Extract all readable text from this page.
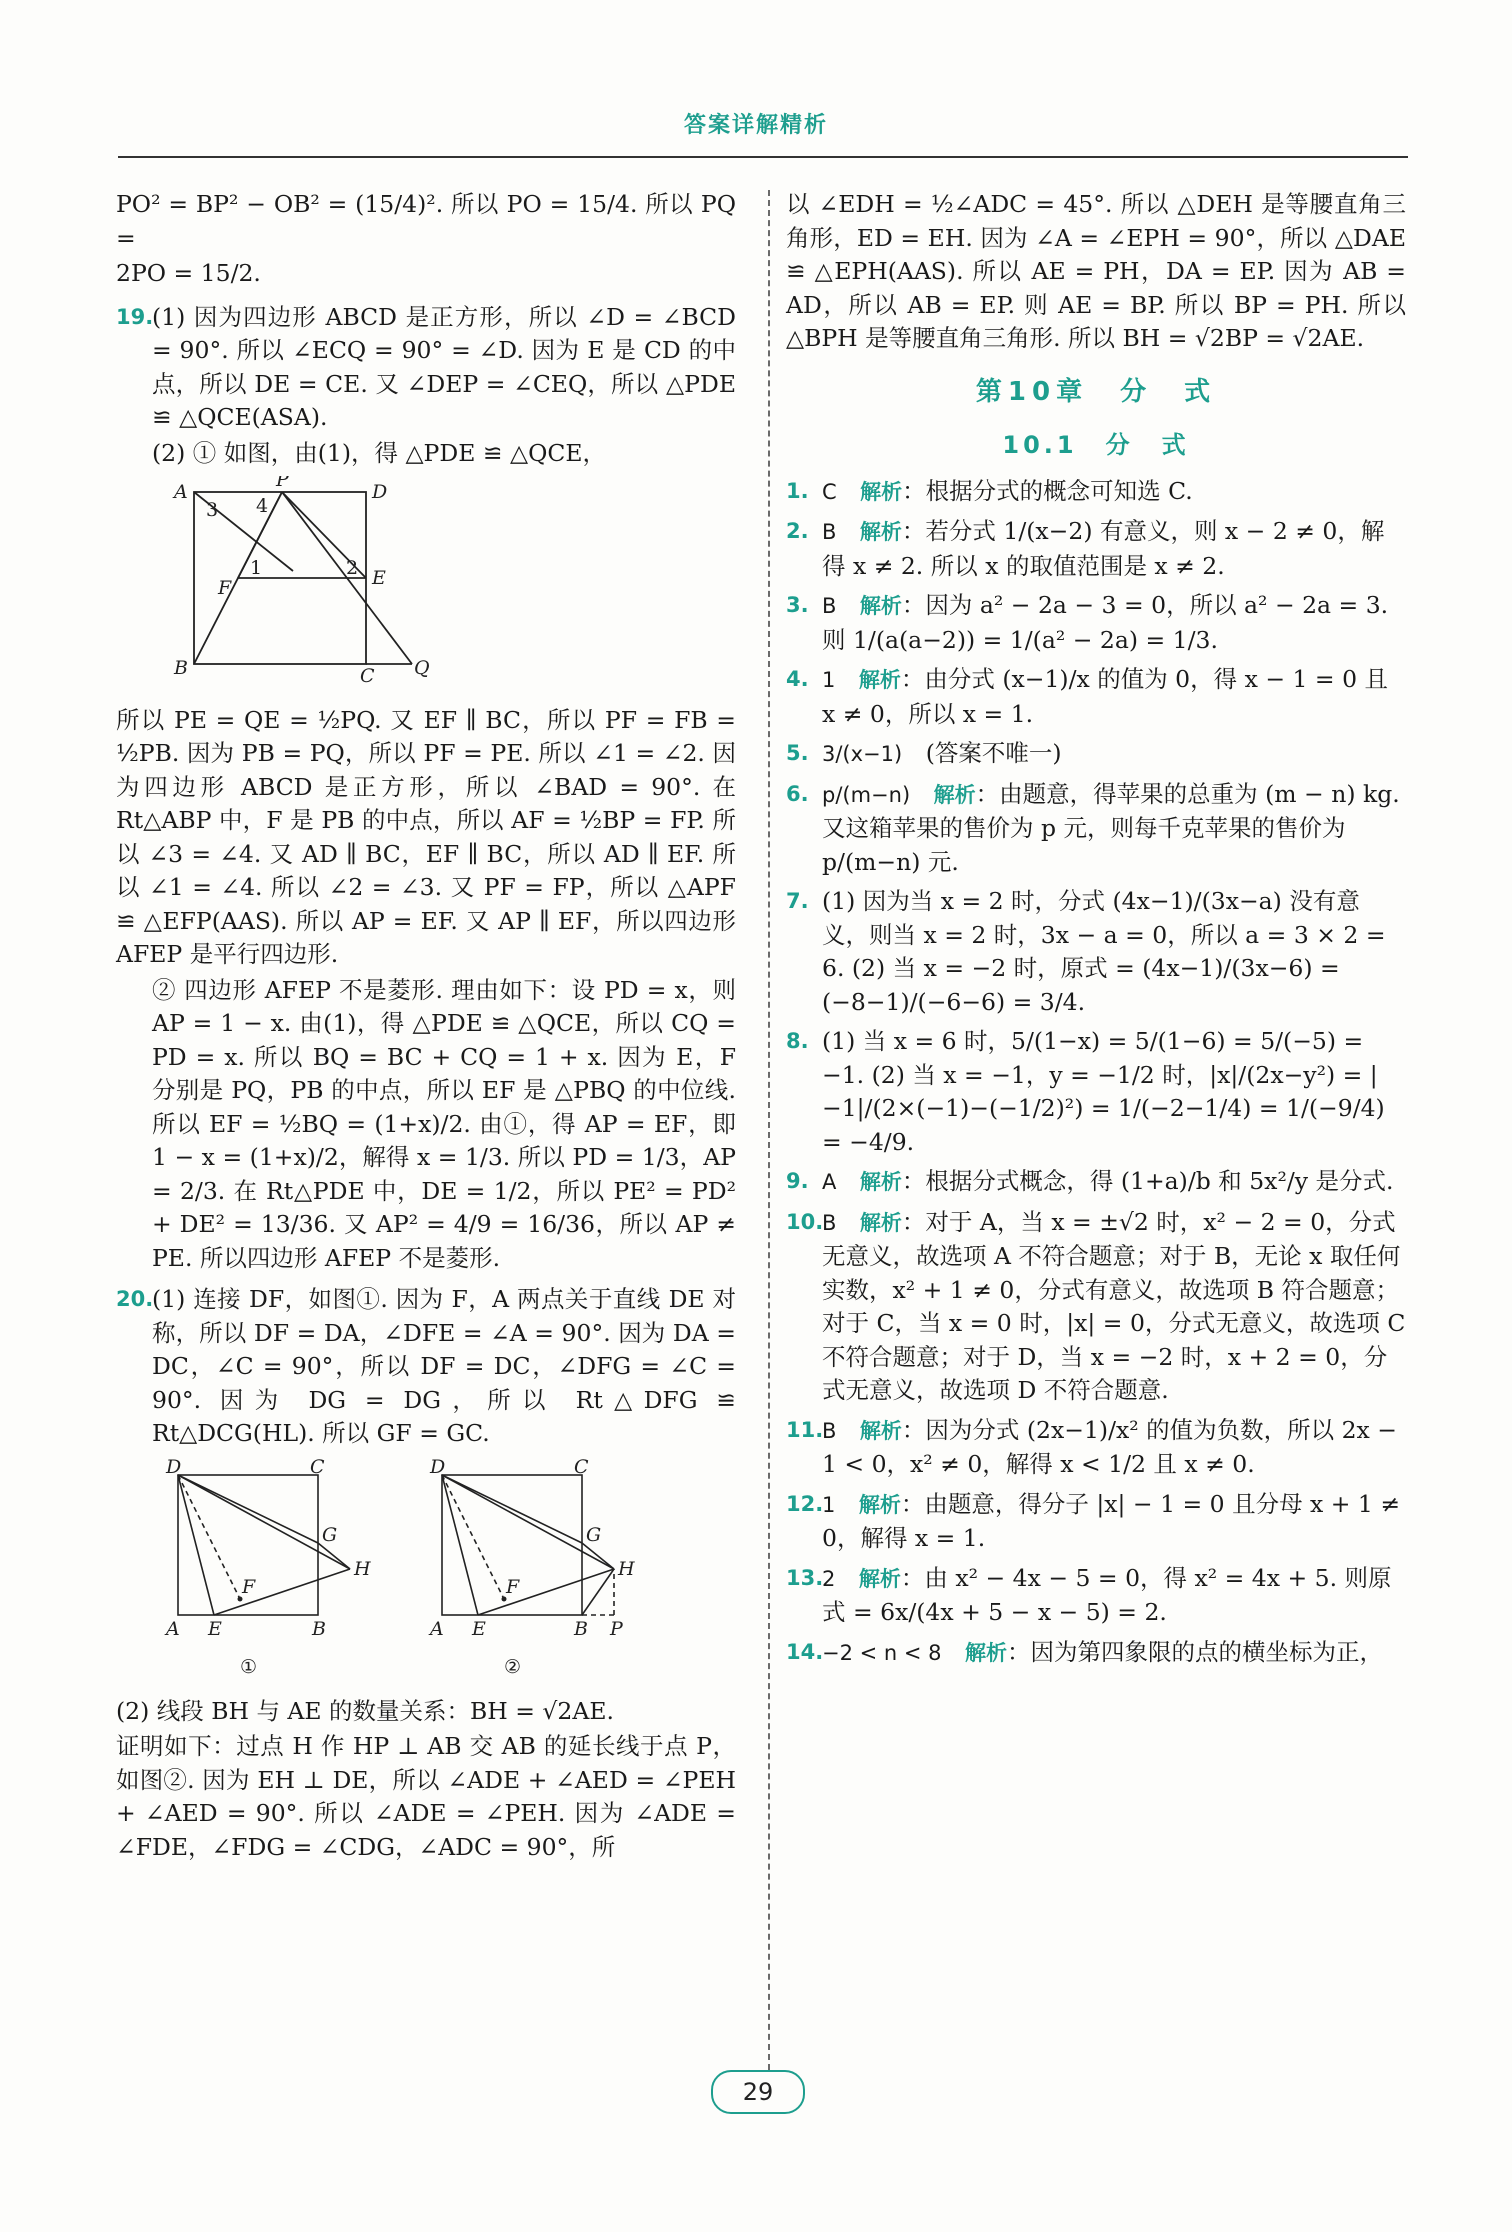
答案详解精析

PO² = BP² − OB² = (15/4)². 所以 PO = 15/4. 所以 PQ =

2PO = 15/2.

19.

(1) 因为四边形 ABCD 是正方形，所以 ∠D = ∠BCD = 90°. 所以 ∠ECQ = 90° = ∠D. 因为 E 是 CD 的中点，所以 DE = CE. 又 ∠DEP = ∠CEQ，所以 △PDE ≌ △QCE(ASA).

(2) ① 如图，由(1)，得 △PDE ≌ △QCE，

A
P
D
3 4
F
1	2 E
B	C Q

所以 PE = QE = ½PQ. 又 EF ∥ BC，所以 PF = FB = ½PB. 因为 PB = PQ，所以 PF = PE. 所以 ∠1 = ∠2. 因为四边形 ABCD 是正方形，所以 ∠BAD = 90°. 在 Rt△ABP 中，F 是 PB 的中点，所以 AF = ½BP = FP. 所以 ∠3 = ∠4. 又 AD ∥ BC，EF ∥ BC，所以 AD ∥ EF. 所以 ∠1 = ∠4. 所以 ∠2 = ∠3. 又 PF = FP，所以 △APF ≌ △EFP(AAS). 所以 AP = EF. 又 AP ∥ EF，所以四边形 AFEP 是平行四边形.

② 四边形 AFEP 不是菱形. 理由如下：设 PD = x，则 AP = 1 − x. 由(1)，得 △PDE ≌ △QCE，所以 CQ = PD = x. 所以 BQ = BC + CQ = 1 + x. 因为 E，F 分别是 PQ，PB 的中点，所以 EF 是 △PBQ 的中位线. 所以 EF = ½BQ = (1+x)/2. 由①，得 AP = EF，即 1 − x = (1+x)/2，解得 x = 1/3. 所以 PD = 1/3，AP = 2/3. 在 Rt△PDE 中，DE = 1/2，所以 PE² = PD² + DE² = 13/36. 又 AP² = 4/9 = 16/36，所以 AP ≠ PE. 所以四边形 AFEP 不是菱形.

20.

(1) 连接 DF，如图①. 因为 F，A 两点关于直线 DE 对称，所以 DF = DA，∠DFE = ∠A = 90°. 因为 DA = DC，∠C = 90°，所以 DF = DC，∠DFG = ∠C = 90°. 因为 DG = DG，所以 Rt△DFG ≌ Rt△DCG(HL). 所以 GF = GC.

D	C
G
F
H
A E	B
①
D	C
G
F
H
A E	B P
②

(2) 线段 BH 与 AE 的数量关系：BH = √2AE.

证明如下：过点 H 作 HP ⊥ AB 交 AB 的延长线于点 P，如图②. 因为 EH ⊥ DE，所以 ∠ADE + ∠AED = ∠PEH + ∠AED = 90°. 所以 ∠ADE = ∠PEH. 因为 ∠ADE = ∠FDE，∠FDG = ∠CDG，∠ADC = 90°，所

以 ∠EDH = ½∠ADC = 45°. 所以 △DEH 是等腰直角三角形，ED = EH. 因为 ∠A = ∠EPH = 90°，所以 △DAE ≌ △EPH(AAS). 所以 AE = PH，DA = EP. 因为 AB = AD，所以 AB = EP. 则 AE = BP. 所以 BP = PH. 所以 △BPH 是等腰直角三角形. 所以 BH = √2BP = √2AE.

第10章　分　式
10.1　分　式
1. C　 解析：根据分式的概念可知选 C.
2. B　 解析：若分式 1/(x−2) 有意义，则 x − 2 ≠ 0，解得 x ≠ 2. 所以 x 的取值范围是 x ≠ 2.
3. B　 解析：因为 a² − 2a − 3 = 0，所以 a² − 2a = 3. 则 1/(a(a−2)) = 1/(a² − 2a) = 1/3.
4. 1　 解析：由分式 (x−1)/x 的值为 0，得 x − 1 = 0 且 x ≠ 0，所以 x = 1.
5. 3/(x−1)　 (答案不唯一)
6. p/(m−n)　 解析：由题意，得苹果的总重为 (m − n) kg. 又这箱苹果的售价为 p 元，则每千克苹果的售价为 p/(m−n) 元.
7. (1) 因为当 x = 2 时，分式 (4x−1)/(3x−a) 没有意义，则当 x = 2 时，3x − a = 0，所以 a = 3 × 2 = 6. (2) 当 x = −2 时，原式 = (4x−1)/(3x−6) = (−8−1)/(−6−6) = 3/4.
8. (1) 当 x = 6 时，5/(1−x) = 5/(1−6) = 5/(−5) = −1. (2) 当 x = −1，y = −1/2 时，|x|/(2x−y²) = |−1|/(2×(−1)−(−1/2)²) = 1/(−2−1/4) = 1/(−9/4) = −4/9.
9. A　 解析：根据分式概念，得 (1+a)/b 和 5x²/y 是分式.
10.
B　 解析：对于 A，当 x = ±√2 时，x² − 2 = 0，分式无意义，故选项 A 不符合题意；对于 B，无论 x 取任何实数，x² + 1 ≠ 0，分式有意义，故选项 B 符合题意；对于 C，当 x = 0 时，|x| = 0，分式无意义，故选项 C 不符合题意；对于 D，当 x = −2 时，x + 2 = 0，分式无意义，故选项 D 不符合题意.
11.
B　 解析：因为分式 (2x−1)/x² 的值为负数，所以 2x − 1 < 0，x² ≠ 0，解得 x < 1/2 且 x ≠ 0.
12.
1　 解析：由题意，得分子 |x| − 1 = 0 且分母 x + 1 ≠ 0，解得 x = 1.
13.
2　 解析：由 x² − 4x − 5 = 0，得 x² = 4x + 5. 则原式 = 6x/(4x + 5 − x − 5) = 2.
14.
−2 < n < 8　 解析：因为第四象限的点的横坐标为正，
29
